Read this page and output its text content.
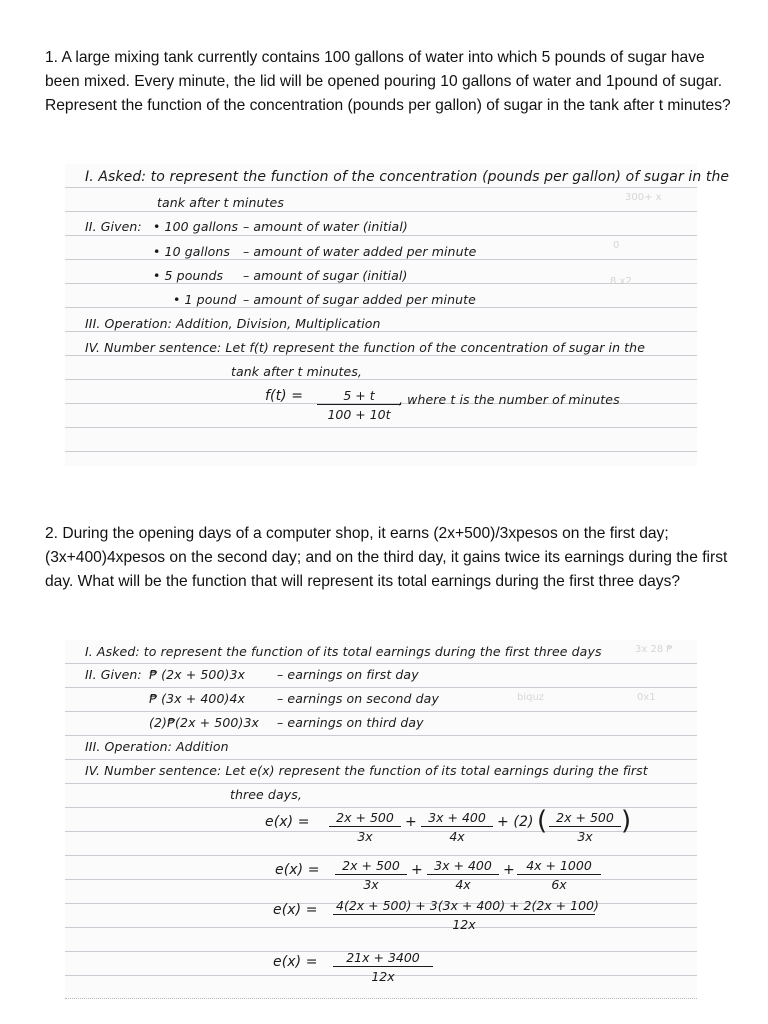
1. A large mixing tank currently contains 100 gallons of water into which 5 pounds of sugar have been mixed. Every minute, the lid will be opened pouring 10 gallons of water and 1pound of sugar. Represent the function of the concentration (pounds per gallon) of sugar in the tank after t minutes?
300+ x
0
8 x2
I. Asked: to represent the function of the concentration (pounds per gallon) of sugar in the
tank after t minutes
II. Given: • 100 gallons – amount of water (initial)
• 10 gallons – amount of water added per minute
• 5 pounds – amount of sugar (initial)
• 1 pound – amount of sugar added per minute
III. Operation: Addition, Division, Multiplication
IV. Number sentence: Let f(t) represent the function of the concentration of sugar in the
tank after t minutes,
$f(t) = \frac{5 + t}{100 + 10t}$
, where t is the number of minutes
2. During the opening days of a computer shop, it earns (2x+500)/3xpesos on the first day;(3x+400)4xpesos on the second day; and on the third day, it gains twice its earnings during the first day. What will be the function that will represent its total earnings during the first three days?
3x 28 ₱
biquz	0x1
I. Asked: to represent the function of its total earnings during the first three days
II. Given: ₱ (2x + 500)3x	– earnings on first day
₱ (3x + 400)4x	– earnings on second day
(2)₱(2x + 500)3x – earnings on third day
III. Operation: Addition
IV. Number sentence: Let e(x) represent the function of its total earnings during the first
three days,
$e(x) = \frac{2x + 500}{3x} + \frac{3x + 400}{4x} + (2)$ ( $\frac{2x + 500}{3x}$ )
$e(x) = \frac{2x + 500}{3x} + \frac{3x + 400}{4x} + \frac{4x + 1000}{6x}$
$e(x) = \frac{4(2x + 500) + 3(3x + 400) + 2(2x + 100)}{12x}$
$e(x) = \frac{21x + 3400}{12x}$
